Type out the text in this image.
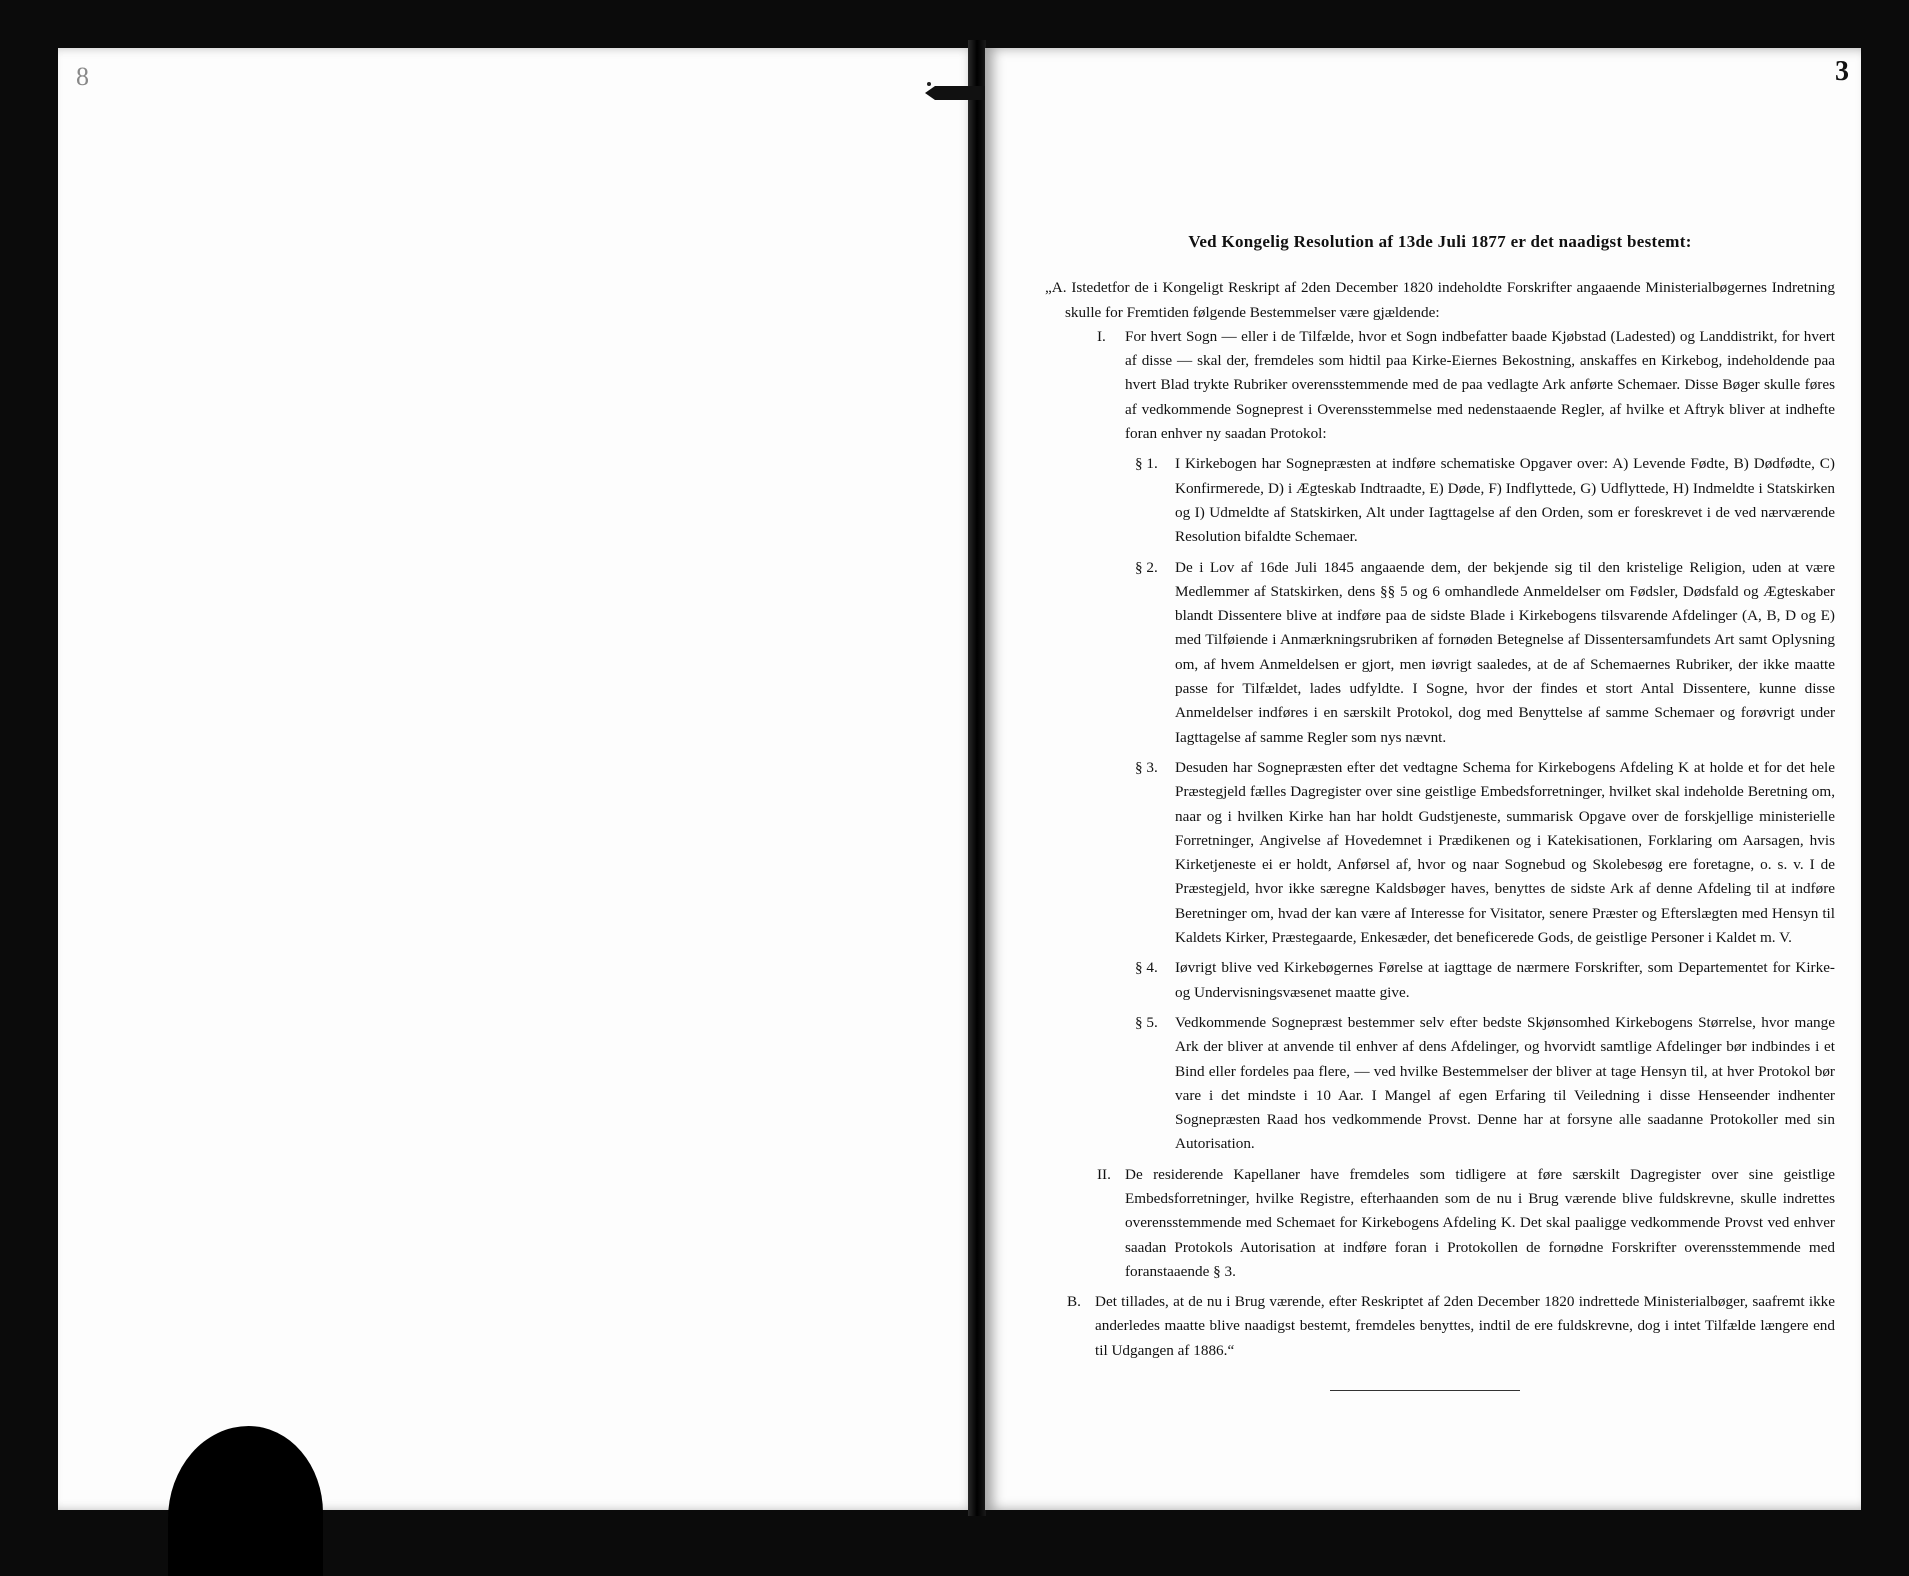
8	3
Ved Kongelig Resolution af 13de Juli 1877 er det naadigst bestemt:

„A. Istedetfor de i Kongeligt Reskript af 2den December 1820 indeholdte Forskrifter angaaende Ministerialbøgernes Indretning skulle for Fremtiden følgende Bestemmelser være gjældende:

I.	For hvert Sogn — eller i de Tilfælde, hvor et Sogn indbefatter baade Kjøbstad (Ladested) og Landdistrikt, for hvert af disse — skal der, fremdeles som hidtil paa Kirke-Eiernes Bekostning, anskaffes en Kirkebog, indeholdende paa hvert Blad trykte Rubriker overensstemmende med de paa vedlagte Ark anførte Schemaer. Disse Bøger skulle føres af vedkommende Sogneprest i Overensstemmelse med nedenstaaende Regler, af hvilke et Aftryk bliver at indhefte foran enhver ny saadan Protokol:
§ 1.	I Kirkebogen har Sognepræsten at indføre schematiske Opgaver over: A) Levende Fødte, B) Dødfødte, C) Konfirmerede, D) i Ægteskab Indtraadte, E) Døde, F) Indflyttede, G) Udflyttede, H) Indmeldte i Statskirken og I) Udmeldte af Statskirken, Alt under Iagttagelse af den Orden, som er foreskrevet i de ved nærværende Resolution bifaldte Schemaer.
§ 2.	De i Lov af 16de Juli 1845 angaaende dem, der bekjende sig til den kristelige Religion, uden at være Medlemmer af Statskirken, dens §§ 5 og 6 omhandlede Anmeldelser om Fødsler, Dødsfald og Ægteskaber blandt Dissentere blive at indføre paa de sidste Blade i Kirkebogens tilsvarende Afdelinger (A, B, D og E) med Tilføiende i Anmærkningsrubriken af fornøden Betegnelse af Dissentersamfundets Art samt Oplysning om, af hvem Anmeldelsen er gjort, men iøvrigt saaledes, at de af Schemaernes Rubriker, der ikke maatte passe for Tilfældet, lades udfyldte. I Sogne, hvor der findes et stort Antal Dissentere, kunne disse Anmeldelser indføres i en særskilt Protokol, dog med Benyttelse af samme Schemaer og forøvrigt under Iagttagelse af samme Regler som nys nævnt.
§ 3.	Desuden har Sognepræsten efter det vedtagne Schema for Kirkebogens Afdeling K at holde et for det hele Præstegjeld fælles Dagregister over sine geistlige Embedsforretninger, hvilket skal indeholde Beretning om, naar og i hvilken Kirke han har holdt Gudstjeneste, summarisk Opgave over de forskjellige ministerielle Forretninger, Angivelse af Hovedemnet i Prædikenen og i Katekisationen, Forklaring om Aarsagen, hvis Kirketjeneste ei er holdt, Anførsel af, hvor og naar Sognebud og Skolebesøg ere foretagne, o. s. v. I de Præstegjeld, hvor ikke særegne Kaldsbøger haves, benyttes de sidste Ark af denne Afdeling til at indføre Beretninger om, hvad der kan være af Interesse for Visitator, senere Præster og Efterslægten med Hensyn til Kaldets Kirker, Præstegaarde, Enkesæder, det beneficerede Gods, de geistlige Personer i Kaldet m. V.
§ 4.	Iøvrigt blive ved Kirkebøgernes Førelse at iagttage de nærmere Forskrifter, som Departementet for Kirke- og Undervisningsvæsenet maatte give.
§ 5.	Vedkommende Sognepræst bestemmer selv efter bedste Skjønsomhed Kirkebogens Størrelse, hvor mange Ark der bliver at anvende til enhver af dens Afdelinger, og hvorvidt samtlige Afdelinger bør indbindes i et Bind eller fordeles paa flere, — ved hvilke Bestemmelser der bliver at tage Hensyn til, at hver Protokol bør vare i det mindste i 10 Aar. I Mangel af egen Erfaring til Veiledning i disse Henseender indhenter Sognepræsten Raad hos vedkommende Provst. Denne har at forsyne alle saadanne Protokoller med sin Autorisation.
II. De residerende Kapellaner have fremdeles som tidligere at føre særskilt Dagregister over sine geistlige Embedsforretninger, hvilke Registre, efterhaanden som de nu i Brug værende blive fuldskrevne, skulle indrettes overensstemmende med Schemaet for Kirkebogens Afdeling K. Det skal paaligge vedkommende Provst ved enhver saadan Protokols Autorisation at indføre foran i Protokollen de fornødne Forskrifter overensstemmende med foranstaaende § 3.
B. Det tillades, at de nu i Brug værende, efter Reskriptet af 2den December 1820 indrettede Ministerialbøger, saafremt ikke anderledes maatte blive naadigst bestemt, fremdeles benyttes, indtil de ere fuldskrevne, dog i intet Tilfælde længere end til Udgangen af 1886.“
